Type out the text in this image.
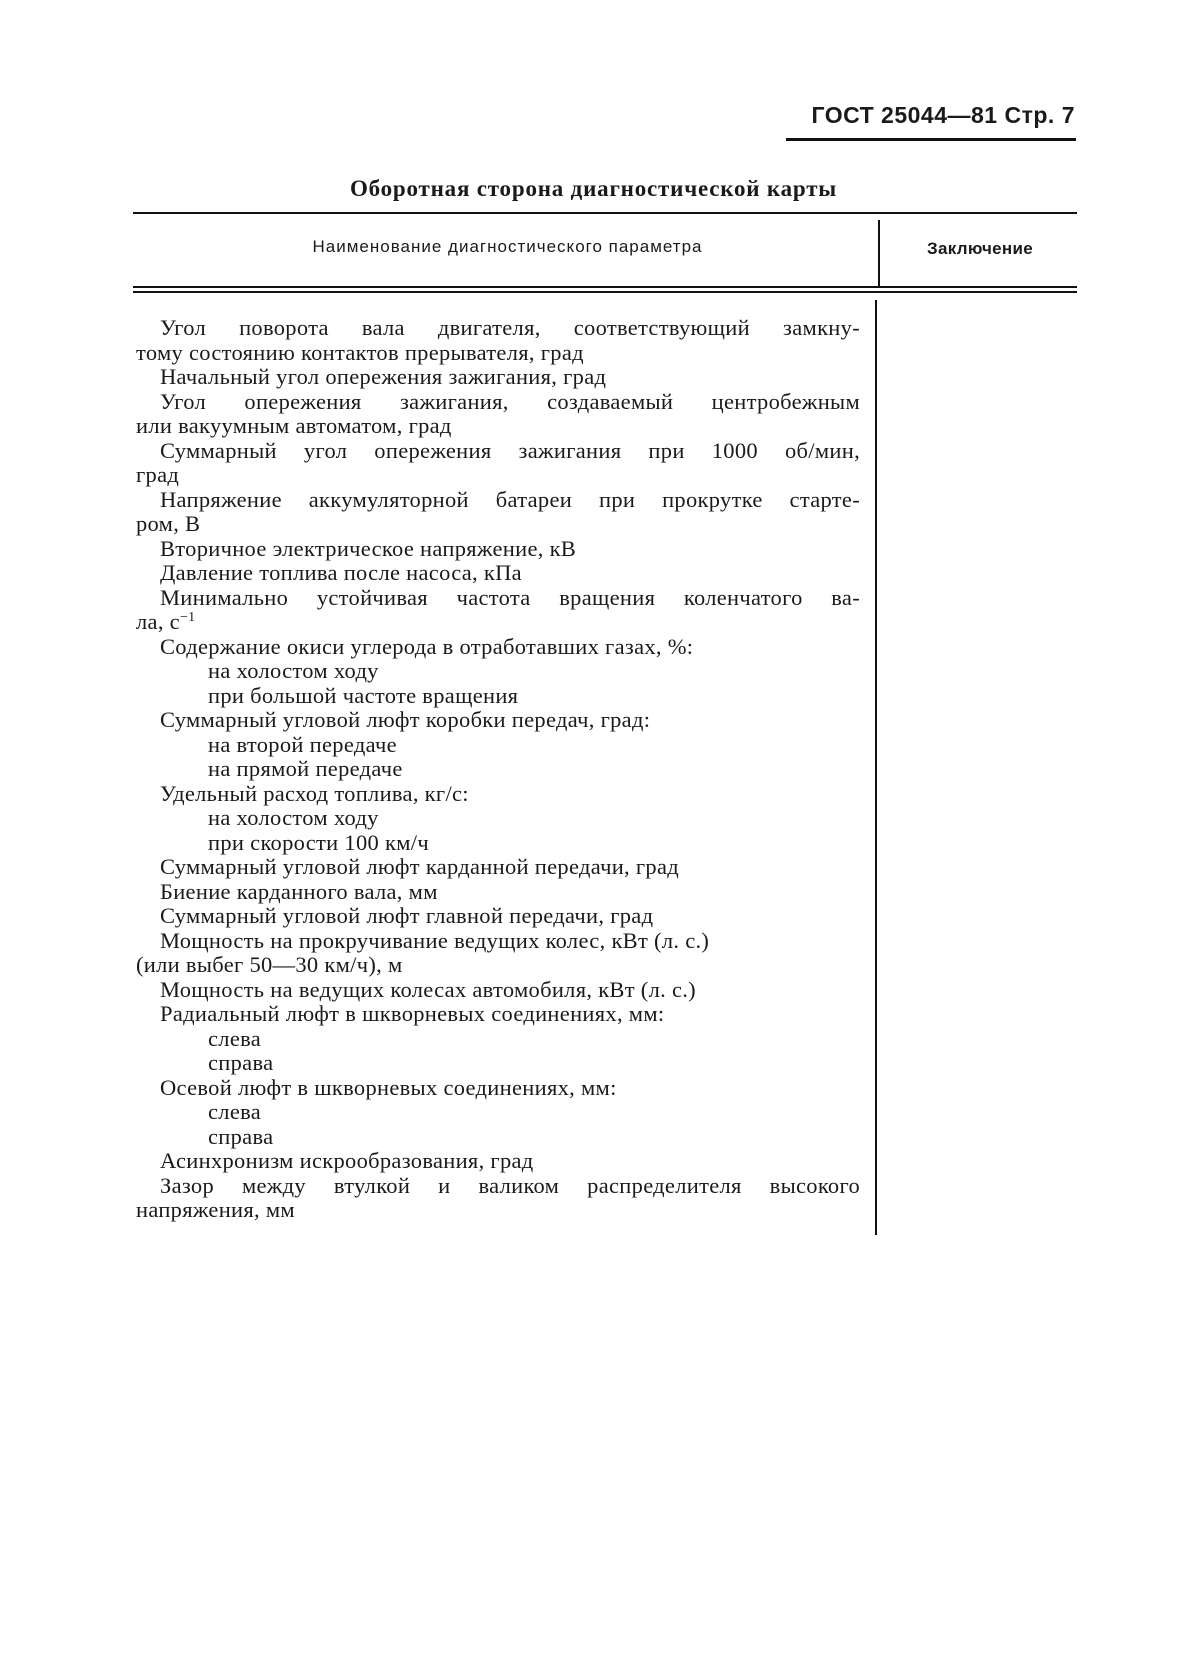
ГОСТ 25044—81 Стр. 7
Оборотная сторона диагностической карты
Наименование диагностического параметра	Заключение
Угол поворота вала двигателя, соответствующий замкну-
тому состоянию контактов прерывателя, град
Начальный угол опережения зажигания, град
Угол опережения зажигания, создаваемый центробежным
или вакуумным автоматом, град
Суммарный угол опережения зажигания при 1000 об/мин,
град
Напряжение аккумуляторной батареи при прокрутке старте-
ром, В
Вторичное электрическое напряжение, кВ
Давление топлива после насоса, кПа
Минимально устойчивая частота вращения коленчатого ва-
ла, $с^{-1}$
Содержание окиси углерода в отработавших газах, %:
на холостом ходу
при большой частоте вращения
Суммарный угловой люфт коробки передач, град:
на второй передаче
на прямой передаче
Удельный расход топлива, кг/с:
на холостом ходу
при скорости 100 км/ч
Суммарный угловой люфт карданной передачи, град
Биение карданного вала, мм
Суммарный угловой люфт главной передачи, град
Мощность на прокручивание ведущих колес, кВт (л. с.)
(или выбег 50—30 км/ч), м
Мощность на ведущих колесах автомобиля, кВт (л. с.)
Радиальный люфт в шкворневых соединениях, мм:
слева
справа
Осевой люфт в шкворневых соединениях, мм:
слева
справа
Асинхронизм искрообразования, град
Зазор между втулкой и валиком распределителя высокого
напряжения, мм
